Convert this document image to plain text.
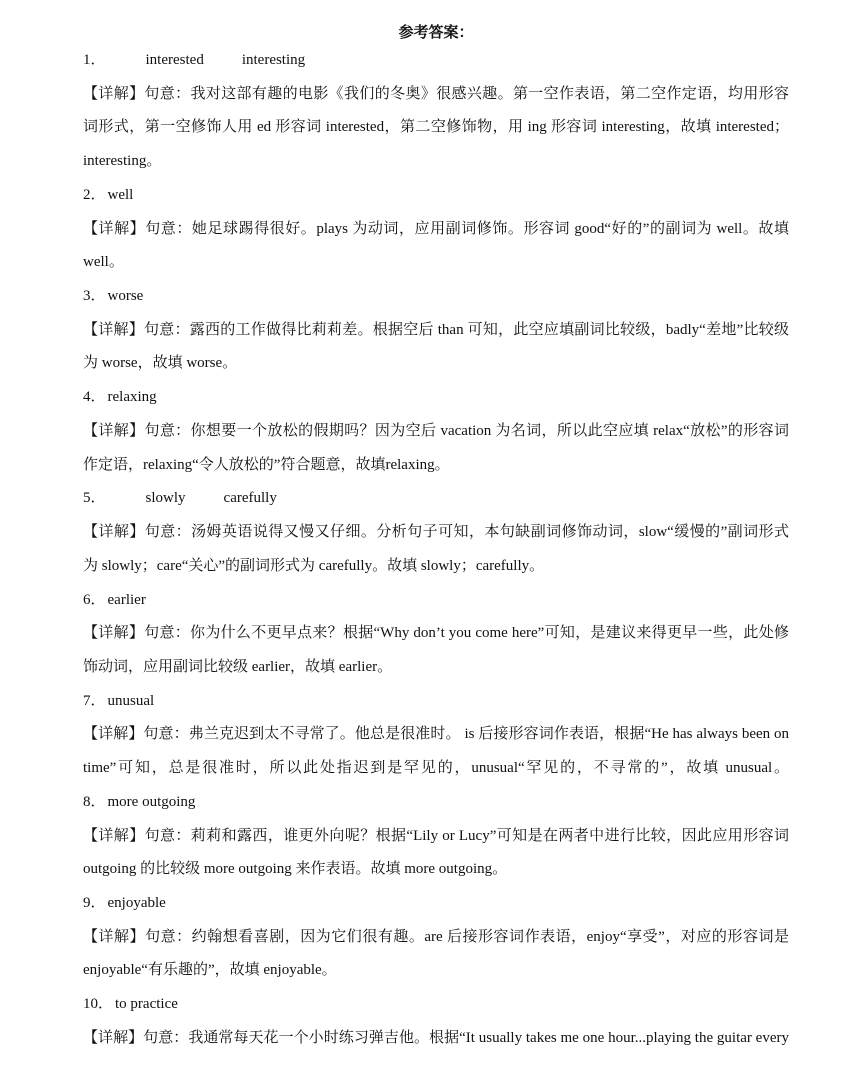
参考答案：
1．	interested	interesting
【详解】句意：我对这部有趣的电影《我们的冬奥》很感兴趣。第一空作表语，第二空作定语，均用形容
词形式，第一空修饰人用 ed 形容词 interested，第二空修饰物，用 ing 形容词 interesting，故填 interested；
interesting。
2． well
【详解】句意：她足球踢得很好。plays 为动词，应用副词修饰。形容词 good“好的”的副词为 well。故填
well。
3． worse
【详解】句意：露西的工作做得比莉莉差。根据空后 than 可知，此空应填副词比较级，badly“差地”比较级
为 worse，故填 worse。
4． relaxing
【详解】句意：你想要一个放松的假期吗？因为空后 vacation 为名词，所以此空应填 relax“放松”的形容词
作定语，relaxing“令人放松的”符合题意，故填relaxing。
5．	slowly	carefully
【详解】句意：汤姆英语说得又慢又仔细。分析句子可知，本句缺副词修饰动词，slow“缓慢的”副词形式
为 slowly；care“关心”的副词形式为 carefully。故填 slowly；carefully。
6． earlier
【详解】句意：你为什么不更早点来？根据“Why don’t you come here”可知，是建议来得更早一些，此处修
饰动词，应用副词比较级 earlier，故填 earlier。
7． unusual
【详解】句意：弗兰克迟到太不寻常了。他总是很准时。 is 后接形容词作表语，根据“He has always been on
time”可知，总是很准时，所以此处指迟到是罕见的，unusual“罕见的，不寻常的”，故填 unusual。
8． more outgoing
【详解】句意：莉莉和露西，谁更外向呢？根据“Lily or Lucy”可知是在两者中进行比较，因此应用形容词
outgoing 的比较级 more outgoing 来作表语。故填 more outgoing。
9． enjoyable
【详解】句意：约翰想看喜剧，因为它们很有趣。are 后接形容词作表语，enjoy“享受”，对应的形容词是
enjoyable“有乐趣的”，故填 enjoyable。
10． to practice
【详解】句意：我通常每天花一个小时练习弹吉他。根据“It usually takes me one hour...playing the guitar every
